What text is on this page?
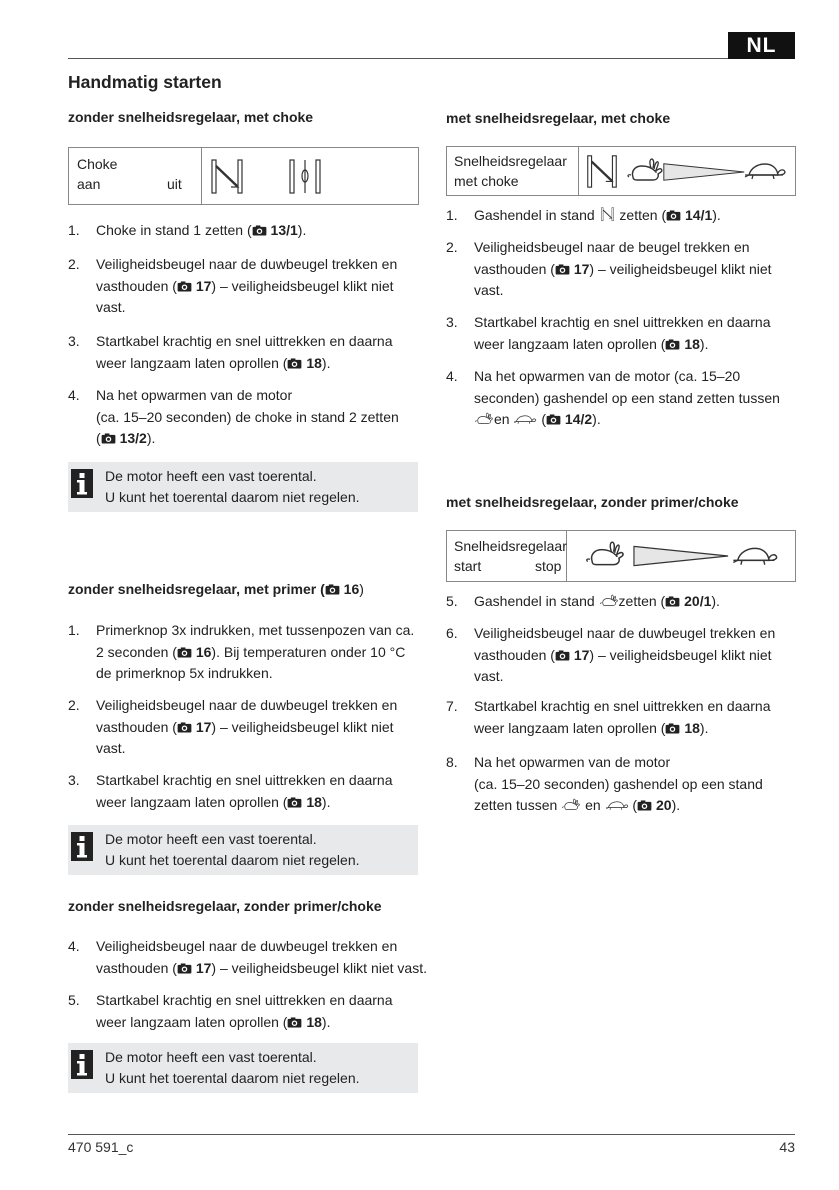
NL
Handmatig starten
zonder snelheidsregelaar, met choke
Choke
aan	uit
1. Choke in stand 1 zetten ( 13/1).
2. Veiligheidsbeugel naar de duwbeugel trekken en
vasthouden ( 17) – veiligheidsbeugel klikt niet
vast.
3. Startkabel krachtig en snel uittrekken en daarna
weer langzaam laten oprollen ( 18).
4. Na het opwarmen van de motor
(ca. 15–20 seconden) de choke in stand 2 zetten
( 13/2).
De motor heeft een vast toerental.
U kunt het toerental daarom niet regelen.
zonder snelheidsregelaar, met primer ( 16)
1. Primerknop 3x indrukken, met tussenpozen van ca.
2 seconden ( 16). Bij temperaturen onder 10 °C
de primerknop 5x indrukken.
2. Veiligheidsbeugel naar de duwbeugel trekken en
vasthouden ( 17) – veiligheidsbeugel klikt niet
vast.
3. Startkabel krachtig en snel uittrekken en daarna
weer langzaam laten oprollen ( 18).
De motor heeft een vast toerental.
U kunt het toerental daarom niet regelen.
zonder snelheidsregelaar, zonder primer/choke
4. Veiligheidsbeugel naar de duwbeugel trekken en
vasthouden ( 17) – veiligheidsbeugel klikt niet vast.
5. Startkabel krachtig en snel uittrekken en daarna
weer langzaam laten oprollen ( 18).
De motor heeft een vast toerental.
U kunt het toerental daarom niet regelen.
met snelheidsregelaar, met choke
Snelheidsregelaar
met choke
1. Gashendel in stand zetten ( 14/1).
2. Veiligheidsbeugel naar de beugel trekken en
vasthouden ( 17) – veiligheidsbeugel klikt niet
vast.
3. Startkabel krachtig en snel uittrekken en daarna
weer langzaam laten oprollen ( 18).
4. Na het opwarmen van de motor (ca. 15–20
seconden) gashendel op een stand zetten tussen
en  ( 14/2).
met snelheidsregelaar, zonder primer/choke
Snelheidsregelaar
start	stop
5. Gashendel in stand zetten ( 20/1).
6. Veiligheidsbeugel naar de duwbeugel trekken en
vasthouden ( 17) – veiligheidsbeugel klikt niet
vast.
7. Startkabel krachtig en snel uittrekken en daarna
weer langzaam laten oprollen ( 18).
8. Na het opwarmen van de motor
(ca. 15–20 seconden) gashendel op een stand
zetten tussen en  ( 20).
470 591_c	43
